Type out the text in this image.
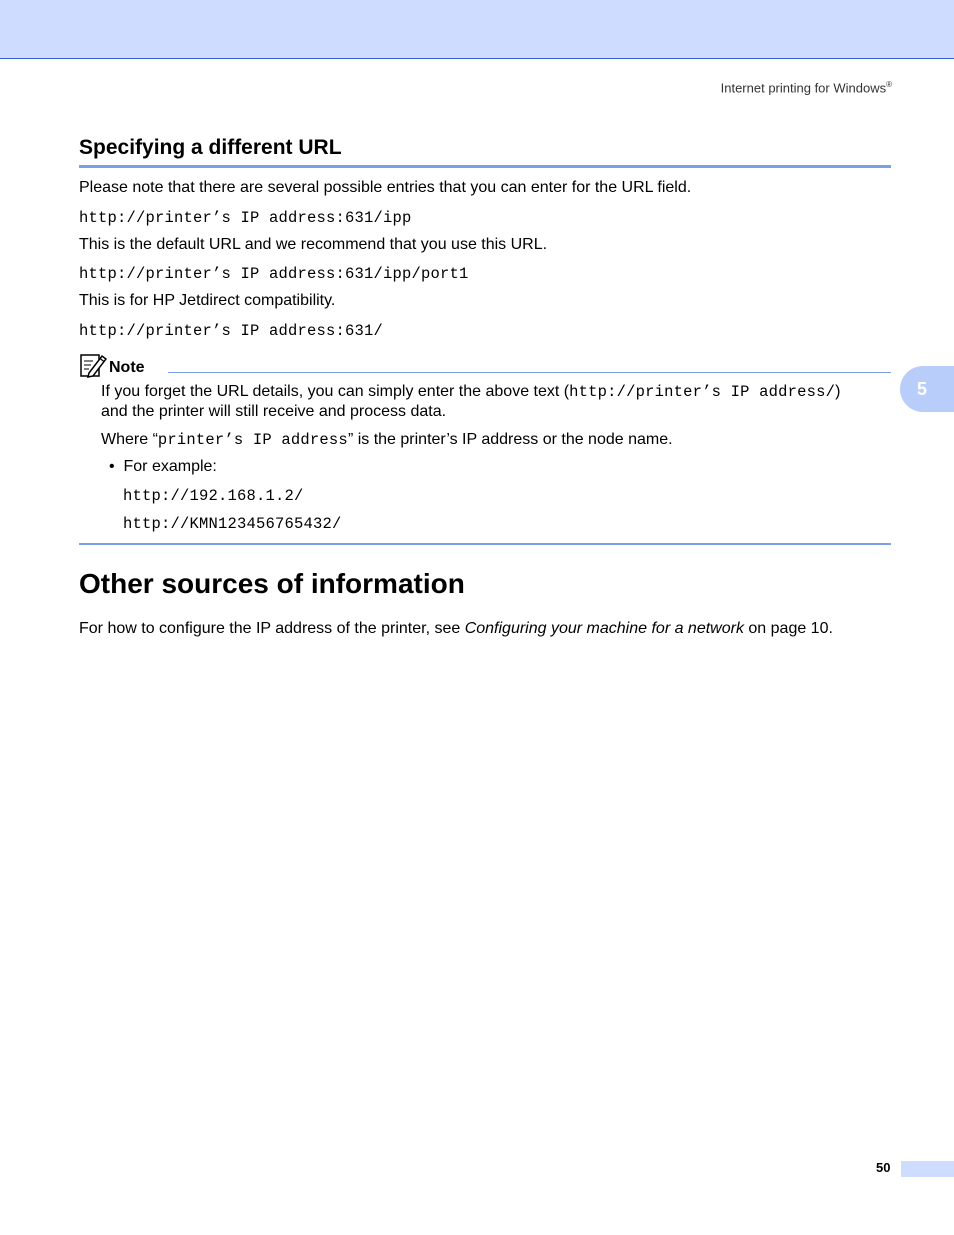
Internet printing for Windows®
5
Specifying a different URL
Please note that there are several possible entries that you can enter for the URL field.
http://printer’s IP address:631/ipp
This is the default URL and we recommend that you use this URL.
http://printer’s IP address:631/ipp/port1
This is for HP Jetdirect compatibility.
http://printer’s IP address:631/
Note
If you forget the URL details, you can simply enter the above text (http://printer’s IP address/)
and the printer will still receive and process data.
Where “printer’s IP address” is the printer’s IP address or the node name.
• For example:
http://192.168.1.2/
http://KMN123456765432/
Other sources of information
For how to configure the IP address of the printer, see Configuring your machine for a network on page 10.
50
